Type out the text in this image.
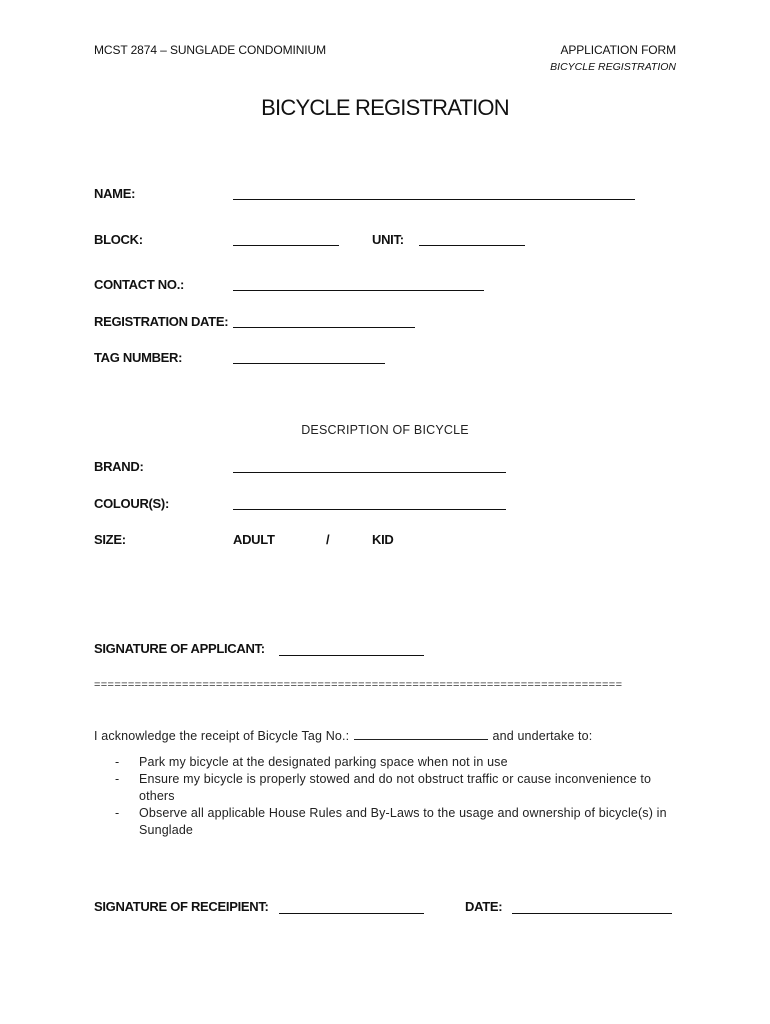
MCST 2874 – SUNGLADE CONDOMINIUM	APPLICATION FORM
BICYCLE REGISTRATION
BICYCLE REGISTRATION
NAME:
BLOCK:	UNIT:
CONTACT NO.:
REGISTRATION DATE:
TAG NUMBER:
DESCRIPTION OF BICYCLE
BRAND:
COLOUR(S):
SIZE:	ADULT	/	KID
SIGNATURE OF APPLICANT:
==============================================================================
I acknowledge the receipt of Bicycle Tag No.:	and undertake to:
- Park my bicycle at the designated parking space when not in use
- Ensure my bicycle is properly stowed and do not obstruct traffic or cause inconvenience to others
- Observe all applicable House Rules and By-Laws to the usage and ownership of bicycle(s) in Sunglade
SIGNATURE OF RECEIPIENT:	DATE:
